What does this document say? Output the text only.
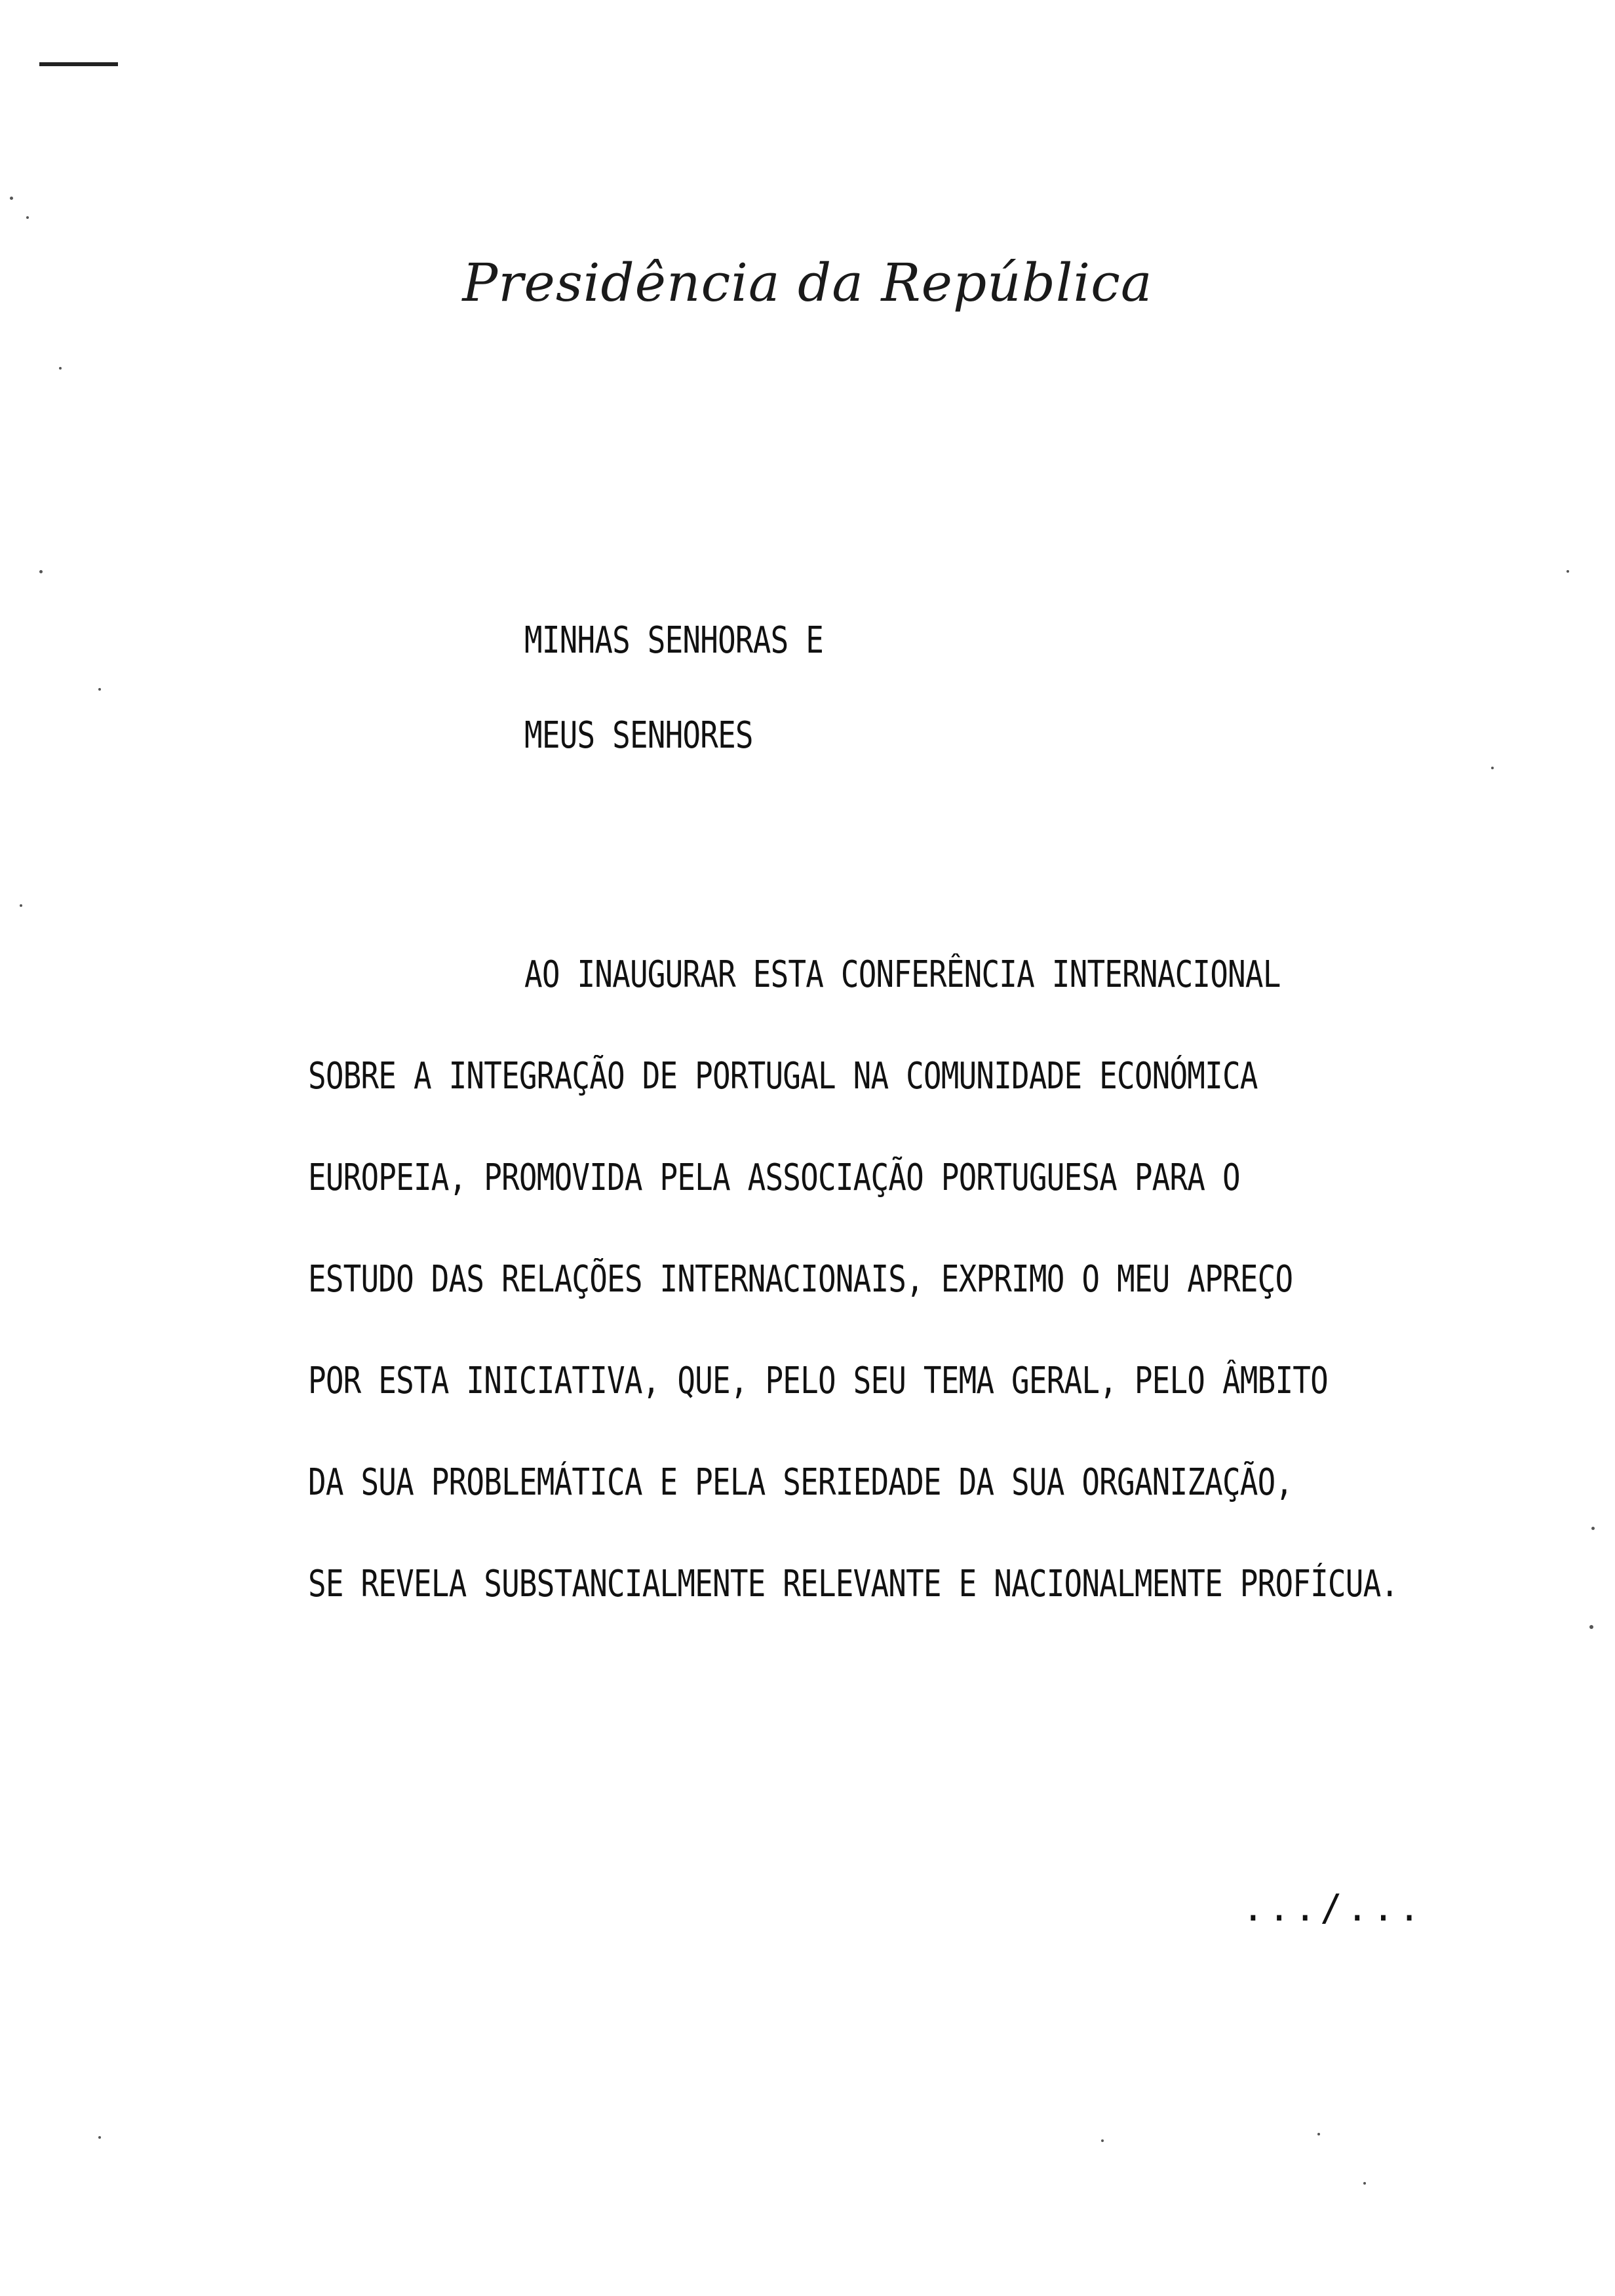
Presidência da República
MINHAS SENHORAS E
MEUS SENHORES
AO INAUGURAR ESTA CONFERÊNCIA INTERNACIONAL
SOBRE A INTEGRAÇÃO DE PORTUGAL NA COMUNIDADE ECONÓMICA
EUROPEIA, PROMOVIDA PELA ASSOCIAÇÃO PORTUGUESA PARA O
ESTUDO DAS RELAÇÕES INTERNACIONAIS, EXPRIMO O MEU APREÇO
POR ESTA INICIATIVA, QUE, PELO SEU TEMA GERAL, PELO ÂMBITO
DA SUA PROBLEMÁTICA E PELA SERIEDADE DA SUA ORGANIZAÇÃO,
SE REVELA SUBSTANCIALMENTE RELEVANTE E NACIONALMENTE PROFÍCUA.
.../...
